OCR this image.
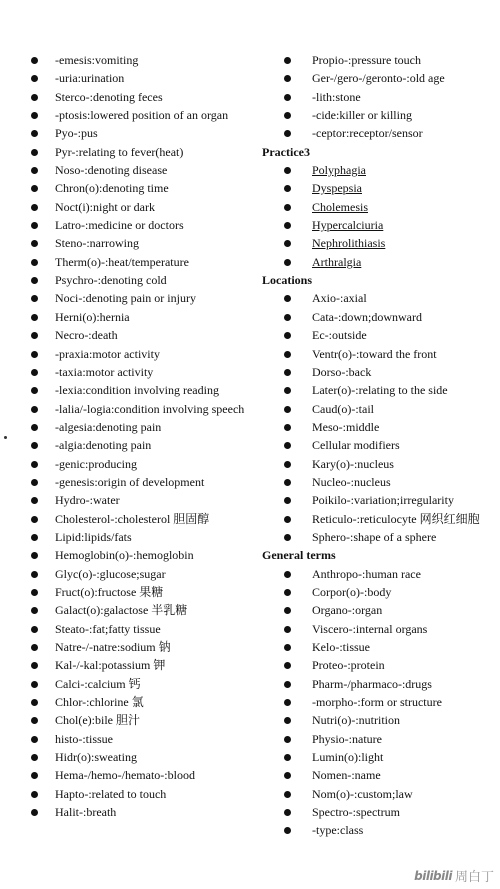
-emesis:vomiting
-uria:urination
Sterco-:denoting feces
-ptosis:lowered position of an organ
Pyo-:pus
Pyr-:relating to fever(heat)
Noso-:denoting disease
Chron(o):denoting time
Noct(i):night or dark
Latro-:medicine or doctors
Steno-:narrowing
Therm(o)-:heat/temperature
Psychro-:denoting cold
Noci-:denoting pain or injury
Herni(o):hernia
Necro-:death
-praxia:motor activity
-taxia:motor activity
-lexia:condition involving reading
-lalia/-logia:condition involving speech
-algesia:denoting pain
-algia:denoting pain
-genic:producing
-genesis:origin of development
Hydro-:water
Cholesterol-:cholesterol 胆固醇
Lipid:lipids/fats
Hemoglobin(o)-:hemoglobin
Glyc(o)-:glucose;sugar
Fruct(o):fructose 果糖
Galact(o):galactose 半乳糖
Steato-:fat;fatty tissue
Natre-/-natre:sodium 钠
Kal-/-kal:potassium 钾
Calci-:calcium 钙
Chlor-:chlorine 氯
Chol(e):bile 胆汁
histo-:tissue
Hidr(o):sweating
Hema-/hemo-/hemato-:blood
Hapto-:related to touch
Halit-:breath
Propio-:pressure touch
Ger-/gero-/geronto-:old age
-lith:stone
-cide:killer or killing
-ceptor:receptor/sensor
Practice3
Polyphagia
Dyspepsia
Cholemesis
Hypercalciuria
Nephrolithiasis
Arthralgia
Locations
Axio-:axial
Cata-:down;downward
Ec-:outside
Ventr(o)-:toward the front
Dorso-:back
Later(o)-:relating to the side
Caud(o)-:tail
Meso-:middle
Cellular modifiers
Kary(o)-:nucleus
Nucleo-:nucleus
Poikilo-:variation;irregularity
Reticulo-:reticulocyte 网织红细胞
Sphero-:shape of a sphere
General terms
Anthropo-:human race
Corpor(o)-:body
Organo-:organ
Viscero-:internal organs
Kelo-:tissue
Proteo-:protein
Pharm-/pharmaco-:drugs
-morpho-:form or structure
Nutri(o)-:nutrition
Physio-:nature
Lumin(o):light
Nomen-:name
Nom(o)-:custom;law
Spectro-:spectrum
-type:class
bilibili 周白丁
